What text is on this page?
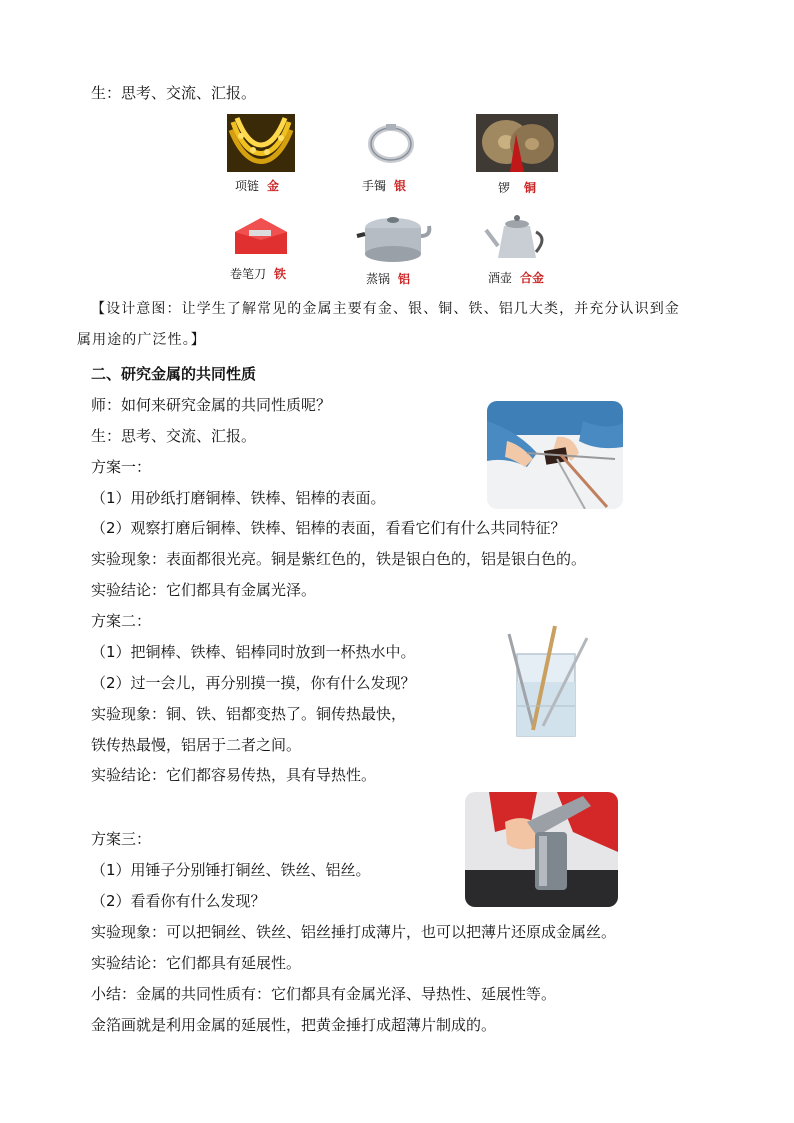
生：思考、交流、汇报。
项链 金	手镯 银	锣 铜
卷笔刀 铁	蒸锅 铝	酒壶 合金
【设计意图：让学生了解常见的金属主要有金、银、铜、铁、铝几大类，并充分认识到金
属用途的广泛性。】
二、研究金属的共同性质
师：如何来研究金属的共同性质呢？
生：思考、交流、汇报。
方案一：
（1）用砂纸打磨铜棒、铁棒、铝棒的表面。
（2）观察打磨后铜棒、铁棒、铝棒的表面，看看它们有什么共同特征？
实验现象：表面都很光亮。铜是紫红色的，铁是银白色的，铝是银白色的。
实验结论：它们都具有金属光泽。
方案二：
（1）把铜棒、铁棒、铝棒同时放到一杯热水中。
（2）过一会儿，再分别摸一摸，你有什么发现？
实验现象：铜、铁、铝都变热了。铜传热最快，
铁传热最慢，铝居于二者之间。
实验结论：它们都容易传热，具有导热性。
方案三：
（1）用锤子分别锤打铜丝、铁丝、铝丝。
（2）看看你有什么发现？
实验现象：可以把铜丝、铁丝、铝丝捶打成薄片，也可以把薄片还原成金属丝。
实验结论：它们都具有延展性。
小结：金属的共同性质有：它们都具有金属光泽、导热性、延展性等。
金箔画就是利用金属的延展性，把黄金捶打成超薄片制成的。
